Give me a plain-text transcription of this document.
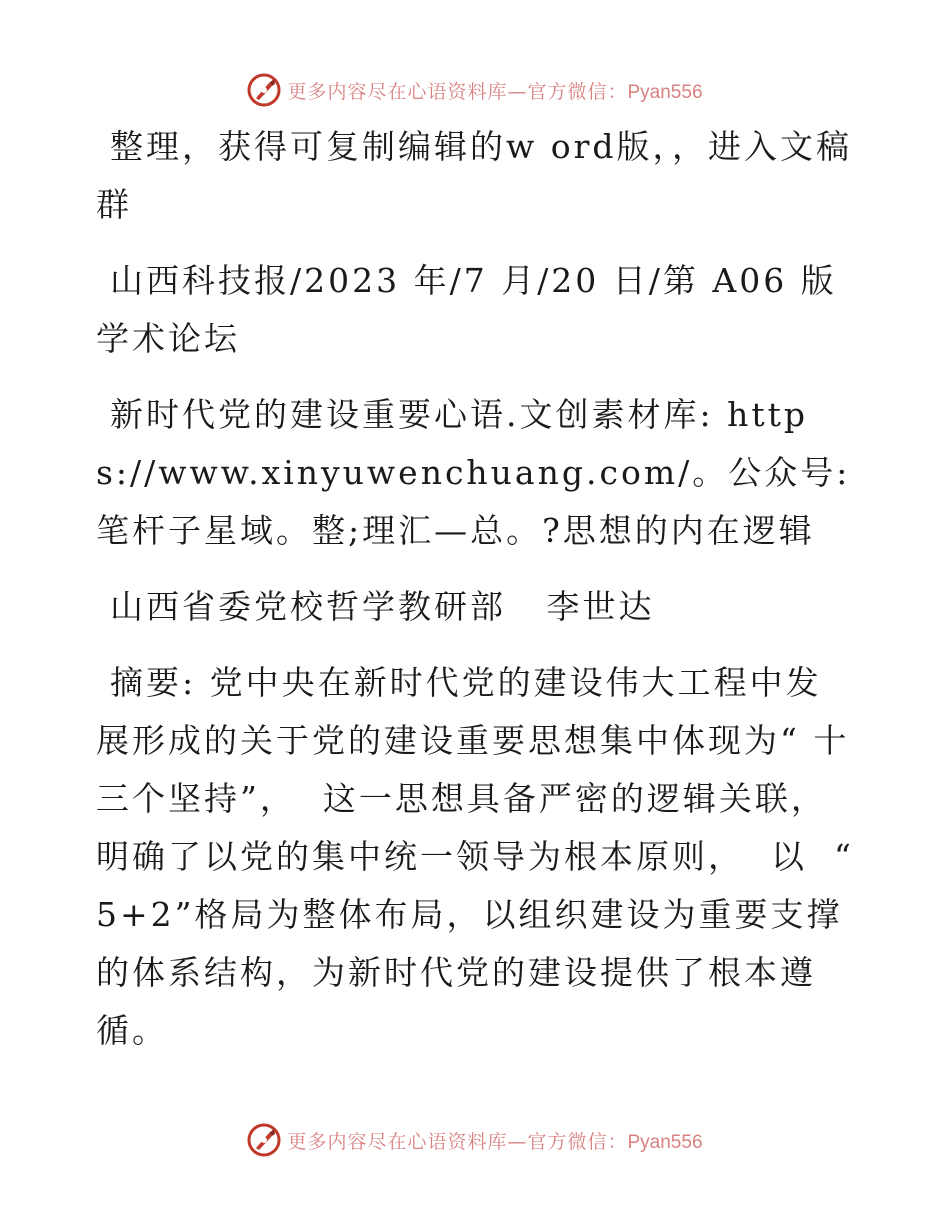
更多内容尽在心语资料库—官方微信：Pyan556

整理，获得可复制编辑的w ord版，，进入文稿群

山西科技报/2023 年/7 月/20 日/第 A06 版学术论坛

新时代党的建设重要心语.文创素材库: https://www.xinyuwenchuang.com/。公众号: 笔杆子星域。整;理汇—总。?思想的内在逻辑

山西省委党校哲学教研部   李世达

摘要: 党中央在新时代党的建设伟大工程中发展形成的关于党的建设重要思想集中体现为“ 十三个坚持”，  这一思想具备严密的逻辑关联，  明确了以党的集中统一领导为根本原则，  以  “ 5+2”格局为整体布局，以组织建设为重要支撑的体系结构，为新时代党的建设提供了根本遵循。

更多内容尽在心语资料库—官方微信：Pyan556
